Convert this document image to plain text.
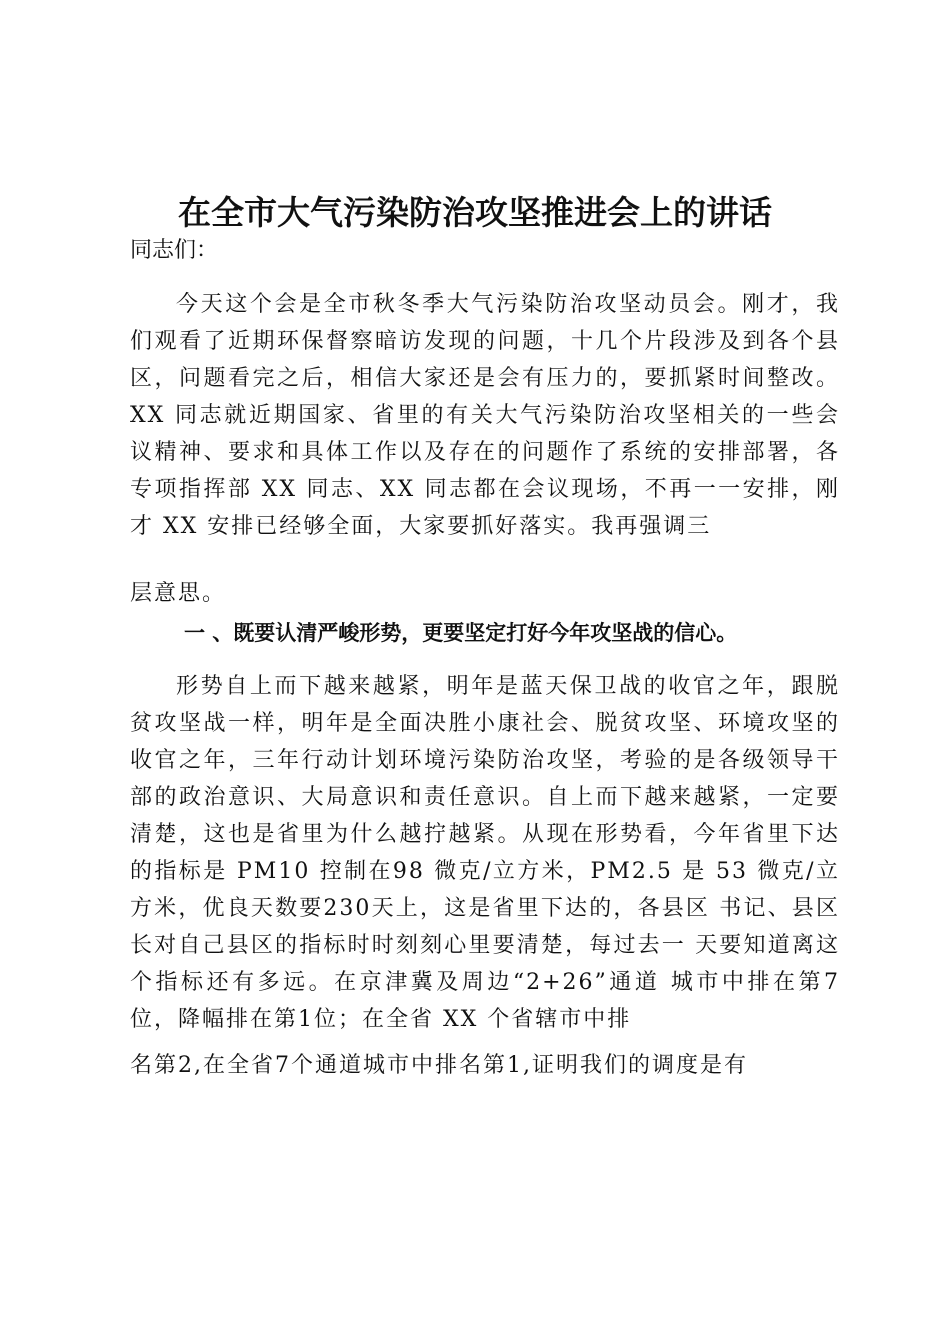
在全市大气污染防治攻坚推进会上的讲话
同志们：

今天这个会是全市秋冬季大气污染防治攻坚动员会。刚才，我们观看了近期环保督察暗访发现的问题，十几个片段涉及到各个县区，问题看完之后，相信大家还是会有压力的，要抓紧时间整改。XX 同志就近期国家、省里的有关大气污染防治攻坚相关的一些会议精神、要求和具体工作以及存在的问题作了系统的安排部署，各专项指挥部 XX 同志、XX 同志都在会议现场，不再一一安排，刚才 XX 安排已经够全面，大家要抓好落实。我再强调三

层意思。
一 、既要认清严峻形势，更要坚定打好今年攻坚战的信心。

形势自上而下越来越紧，明年是蓝天保卫战的收官之年，跟脱贫攻坚战一样，明年是全面决胜小康社会、脱贫攻坚、环境攻坚的收官之年，三年行动计划环境污染防治攻坚，考验的是各级领导干部的政治意识、大局意识和责任意识。自上而下越来越紧，一定要清楚，这也是省里为什么越拧越紧。从现在形势看，今年省里下达的指标是 PM10 控制在98 微克/立方米，PM2.5 是 53 微克/立方米，优良天数要230天上，这是省里下达的，各县区 书记、县区长对自己县区的指标时时刻刻心里要清楚，每过去一 天要知道离这个指标还有多远。在京津冀及周边“2+26”通道 城市中排在第7位，降幅排在第1位；在全省 XX 个省辖市中排

名第2,在全省7个通道城市中排名第1,证明我们的调度是有
